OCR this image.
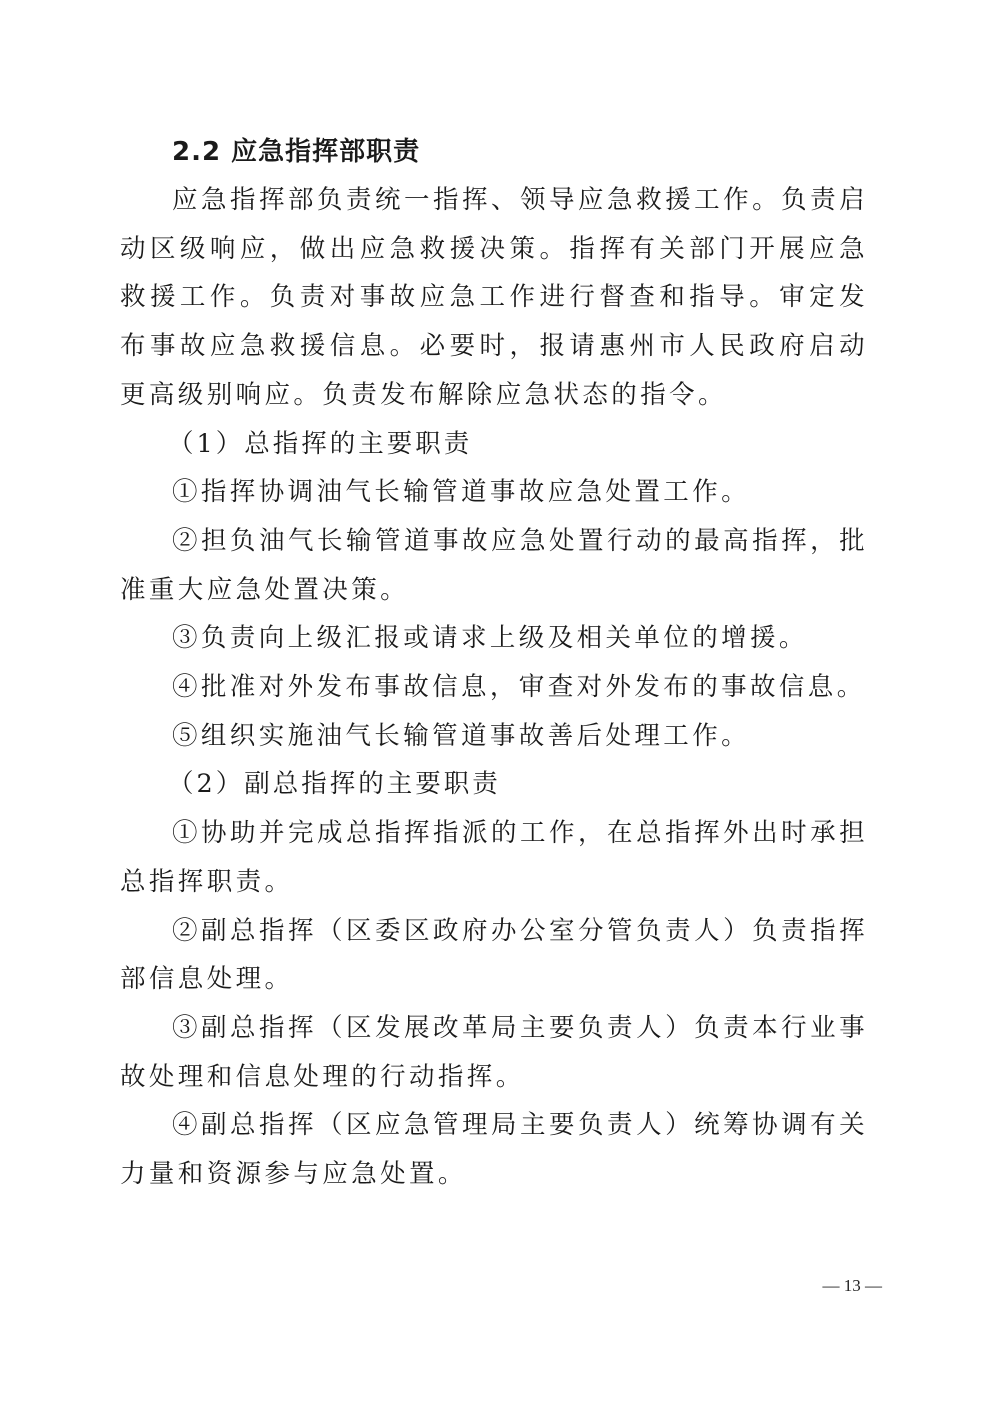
2.2 应急指挥部职责

应急指挥部负责统一指挥、领导应急救援工作。负责启动区级响应，做出应急救援决策。指挥有关部门开展应急救援工作。负责对事故应急工作进行督查和指导。审定发布事故应急救援信息。必要时，报请惠州市人民政府启动更高级别响应。负责发布解除应急状态的指令。

（1）总指挥的主要职责

①指挥协调油气长输管道事故应急处置工作。

②担负油气长输管道事故应急处置行动的最高指挥，批准重大应急处置决策。

③负责向上级汇报或请求上级及相关单位的增援。

④批准对外发布事故信息，审查对外发布的事故信息。

⑤组织实施油气长输管道事故善后处理工作。

（2）副总指挥的主要职责

①协助并完成总指挥指派的工作，在总指挥外出时承担总指挥职责。

②副总指挥（区委区政府办公室分管负责人）负责指挥部信息处理。

③副总指挥（区发展改革局主要负责人）负责本行业事故处理和信息处理的行动指挥。

④副总指挥（区应急管理局主要负责人）统筹协调有关力量和资源参与应急处置。

— 13 —
